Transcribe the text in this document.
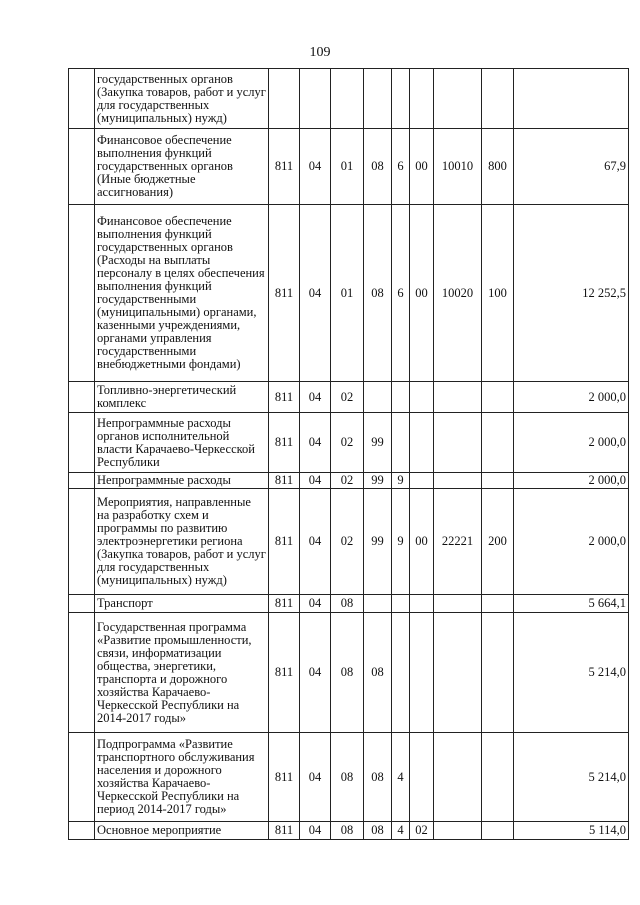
109
	государственных органов (Закупка товаров, работ и услуг для государственных (муниципальных) нужд)									
	Финансовое обеспечение выполнения функций государственных органов (Иные бюджетные ассигнования)	811	04	01	08	6	00	10010	800	67,9
	Финансовое обеспечение выполнения функций государственных органов (Расходы на выплаты персоналу в целях обеспечения выполнения функций государственными (муниципальными) органами, казенными учреждениями, органами управления государственными внебюджетными фондами)	811	04	01	08	6	00	10020	100	12 252,5
	Топливно-энергетический комплекс	811	04	02						2 000,0
	Непрограммные расходы органов исполнительной власти Карачаево-Черкесской Республики	811	04	02	99					2 000,0
	Непрограммные расходы	811	04	02	99	9				2 000,0
	Мероприятия, направленные на разработку схем и программы по развитию электроэнергетики региона (Закупка товаров, работ и услуг для государственных (муниципальных) нужд)	811	04	02	99	9	00	22221	200	2 000,0
	Транспорт	811	04	08						5 664,1
	Государственная программа «Развитие промышленности, связи, информатизации общества, энергетики, транспорта и дорожного хозяйства Карачаево-Черкесской Республики на 2014-2017 годы»	811	04	08	08					5 214,0
	Подпрограмма «Развитие транспортного обслуживания населения и дорожного хозяйства Карачаево-Черкесской Республики на период 2014-2017 годы»	811	04	08	08	4				5 214,0
	Основное мероприятие	811	04	08	08	4	02			5 114,0
